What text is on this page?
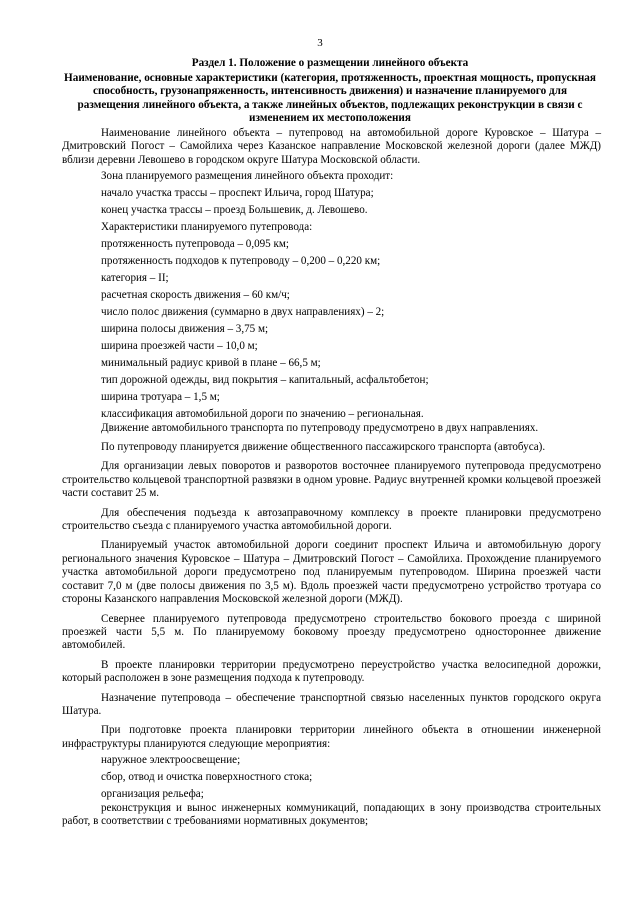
3

Раздел 1. Положение о размещении линейного объекта

Наименование, основные характеристики (категория, протяженность, проектная мощность, пропускная способность, грузонапряженность, интенсивность движения) и назначение планируемого для размещения линейного объекта, а также линейных объектов, подлежащих реконструкции в связи с изменением их местоположения

Наименование линейного объекта – путепровод на автомобильной дороге Куровское – Шатура – Дмитровский Погост – Самойлиха через Казанское направление Московской железной дороги (далее МЖД) вблизи деревни Левошево в городском округе Шатура Московской области.

Зона планируемого размещения линейного объекта проходит:

начало участка трассы – проспект Ильича, город Шатура;

конец участка трассы – проезд Большевик, д. Левошево.

Характеристики планируемого путепровода:

протяженность путепровода – 0,095 км;

протяженность подходов к путепроводу – 0,200 – 0,220 км;

категория – II;

расчетная скорость движения – 60 км/ч;

число полос движения (суммарно в двух направлениях) – 2;

ширина полосы движения – 3,75 м;

ширина проезжей части – 10,0 м;

минимальный радиус кривой в плане – 66,5 м;

тип дорожной одежды, вид покрытия – капитальный, асфальтобетон;

ширина тротуара – 1,5 м;

классификация автомобильной дороги по значению – региональная.

Движение автомобильного транспорта по путепроводу предусмотрено в двух направлениях.

По путепроводу планируется движение общественного пассажирского транспорта (автобуса).

Для организации левых поворотов и разворотов восточнее планируемого путепровода предусмотрено строительство кольцевой транспортной развязки в одном уровне. Радиус внутренней кромки кольцевой проезжей части составит 25 м.

Для обеспечения подъезда к автозаправочному комплексу в проекте планировки предусмотрено строительство съезда с планируемого участка автомобильной дороги.

Планируемый участок автомобильной дороги соединит проспект Ильича и автомобильную дорогу регионального значения Куровское – Шатура – Дмитровский Погост – Самойлиха. Прохождение планируемого участка автомобильной дороги предусмотрено под планируемым путепроводом. Ширина проезжей части составит 7,0 м (две полосы движения по 3,5 м). Вдоль проезжей части предусмотрено устройство тротуара со стороны Казанского направления Московской железной дороги (МЖД).

Севернее планируемого путепровода предусмотрено строительство бокового проезда с шириной проезжей части 5,5 м. По планируемому боковому проезду предусмотрено одностороннее движение автомобилей.

В проекте планировки территории предусмотрено переустройство участка велосипедной дорожки, который расположен в зоне размещения подхода к путепроводу.

Назначение путепровода – обеспечение транспортной связью населенных пунктов городского округа Шатура.

При подготовке проекта планировки территории линейного объекта в отношении инженерной инфраструктуры планируются следующие мероприятия:

наружное электроосвещение;

сбор, отвод и очистка поверхностного стока;

организация рельефа;

реконструкция и вынос инженерных коммуникаций, попадающих в зону производства строительных работ, в соответствии с требованиями нормативных документов;
